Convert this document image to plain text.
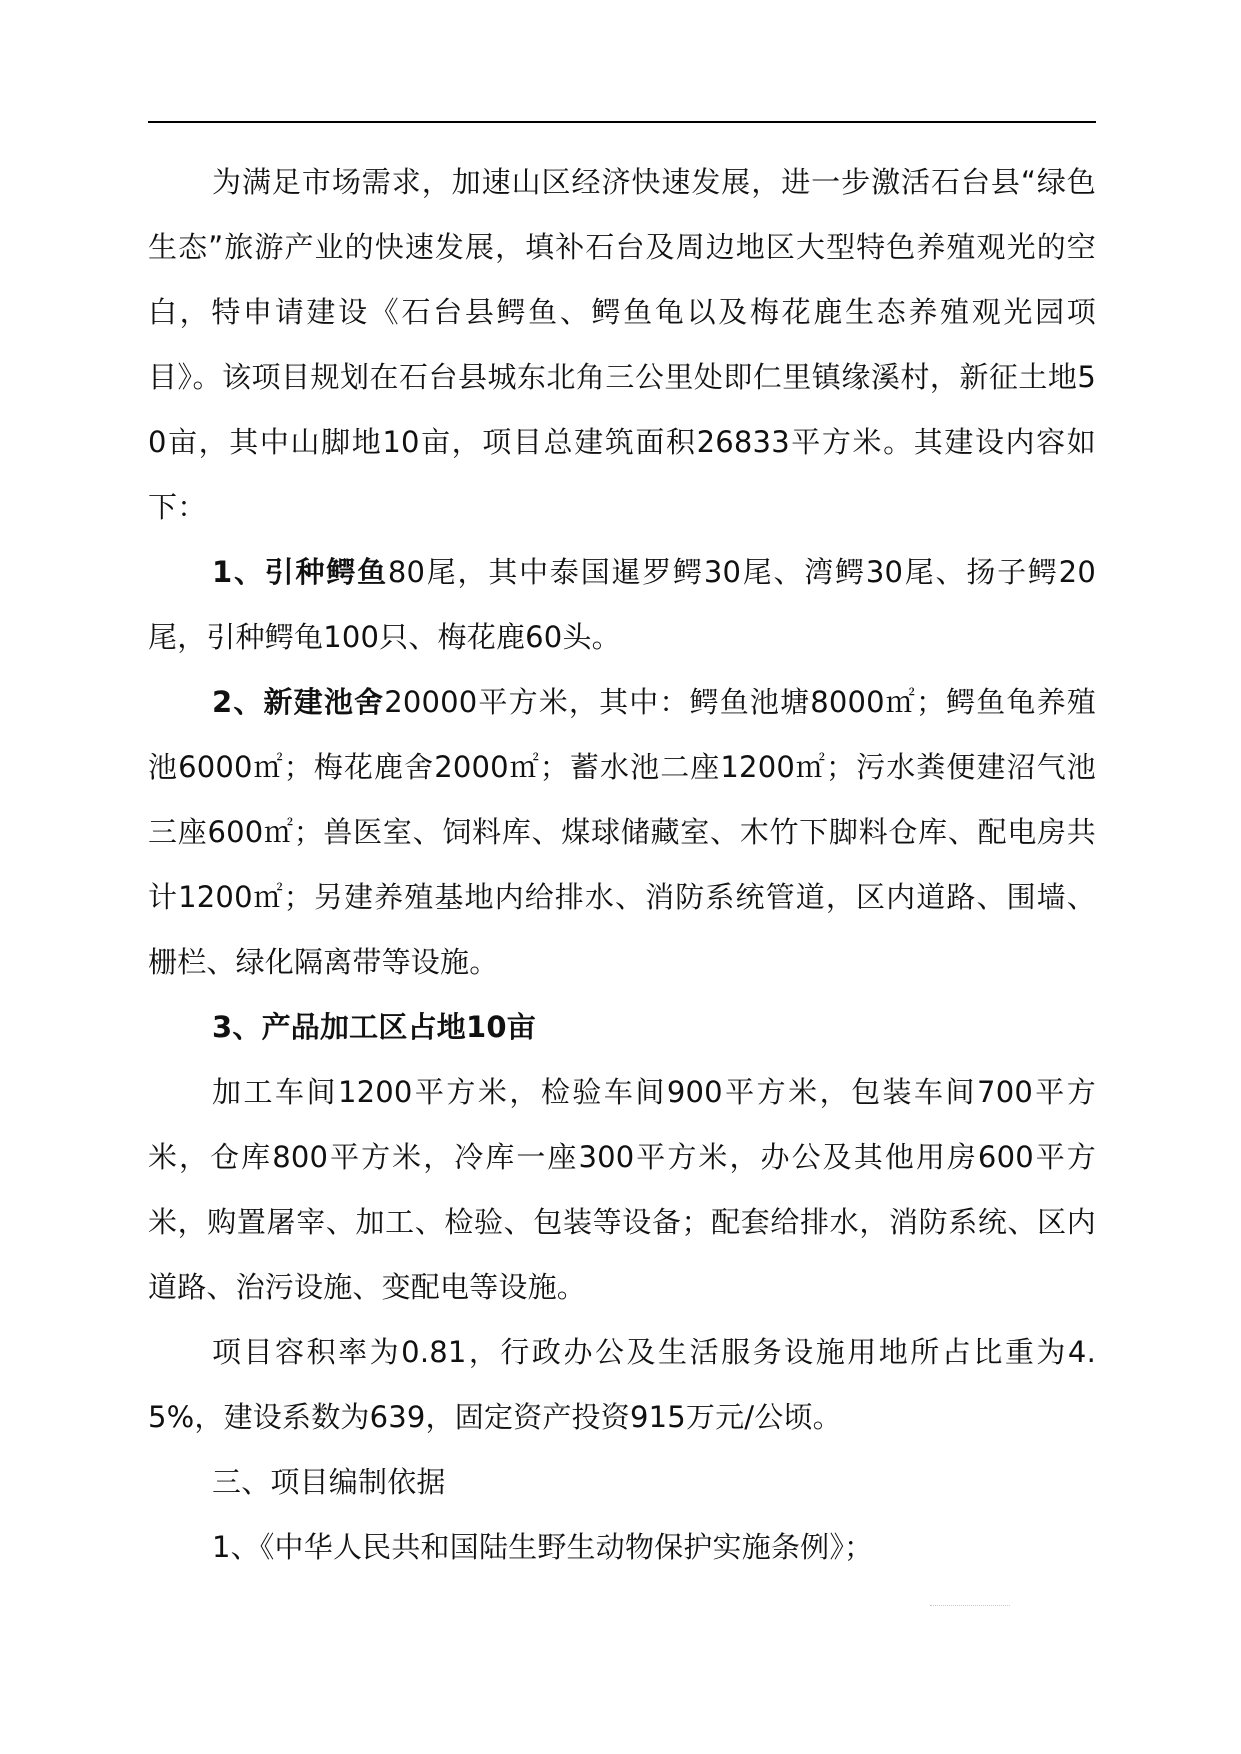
为满足市场需求，加速山区经济快速发展，进一步激活石台县“绿色生态”旅游产业的快速发展，填补石台及周边地区大型特色养殖观光的空白，特申请建设《石台县鳄鱼、鳄鱼龟以及梅花鹿生态养殖观光园项目》。该项目规划在石台县城东北角三公里处即仁里镇缘溪村，新征土地50亩，其中山脚地10亩，项目总建筑面积26833平方米。其建设内容如下：

1、引种鳄鱼80尾，其中泰国暹罗鳄30尾、湾鳄30尾、扬子鳄20尾，引种鳄龟100只、梅花鹿60头。

2、新建池舍20000平方米，其中：鳄鱼池塘8000㎡；鳄鱼龟养殖池6000㎡；梅花鹿舍2000㎡；蓄水池二座1200㎡；污水粪便建沼气池三座600㎡；兽医室、饲料库、煤球储藏室、木竹下脚料仓库、配电房共计1200㎡；另建养殖基地内给排水、消防系统管道，区内道路、围墙、栅栏、绿化隔离带等设施。

3、产品加工区占地10亩

加工车间1200平方米，检验车间900平方米，包装车间700平方米，仓库800平方米，冷库一座300平方米，办公及其他用房600平方米，购置屠宰、加工、检验、包装等设备；配套给排水，消防系统、区内道路、治污设施、变配电等设施。

项目容积率为0.81，行政办公及生活服务设施用地所占比重为4.5%，建设系数为639，固定资产投资915万元/公顷。

三、项目编制依据

1、《中华人民共和国陆生野生动物保护实施条例》；
